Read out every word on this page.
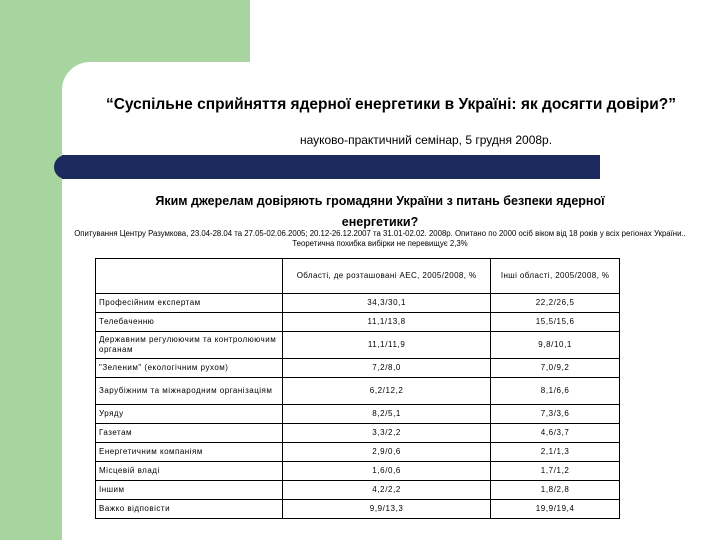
“Суспільне сприйняття ядерної енергетики в Україні: як досягти довіри?”
науково-практичний семінар, 5 грудня 2008р.
Яким джерелам довіряють громадяни України з питань безпеки ядерної енергетики?
Опитування Центру Разумкова, 23.04-28.04 та 27.05-02.06.2005; 20.12-26.12.2007 та 31.01-02.02. 2008р. Опитано по 2000 осіб віком від 18 років у всіх регіонах України.. Теоретична похибка вибірки не перевищує 2,3%
	Області, де розташовані АЕС, 2005/2008, %	Інші області, 2005/2008, %
Професійним експертам	34,3/30,1	22,2/26,5
Телебаченню	11,1/13,8	15,5/15,6
Державним регулюючим та контролюючим органам	11,1/11,9	9,8/10,1
"Зеленим" (екологічним рухом)	7,2/8,0	7,0/9,2
Зарубіжним та міжнародним організаціям	6,2/12,2	8,1/6,6
Уряду	8,2/5,1	7,3/3,6
Газетам	3,3/2,2	4,6/3,7
Енергетичним компаніям	2,9/0,6	2,1/1,3
Місцевій владі	1,6/0,6	1,7/1,2
Іншим	4,2/2,2	1,8/2,8
Важко відповісти	9,9/13,3	19,9/19,4
